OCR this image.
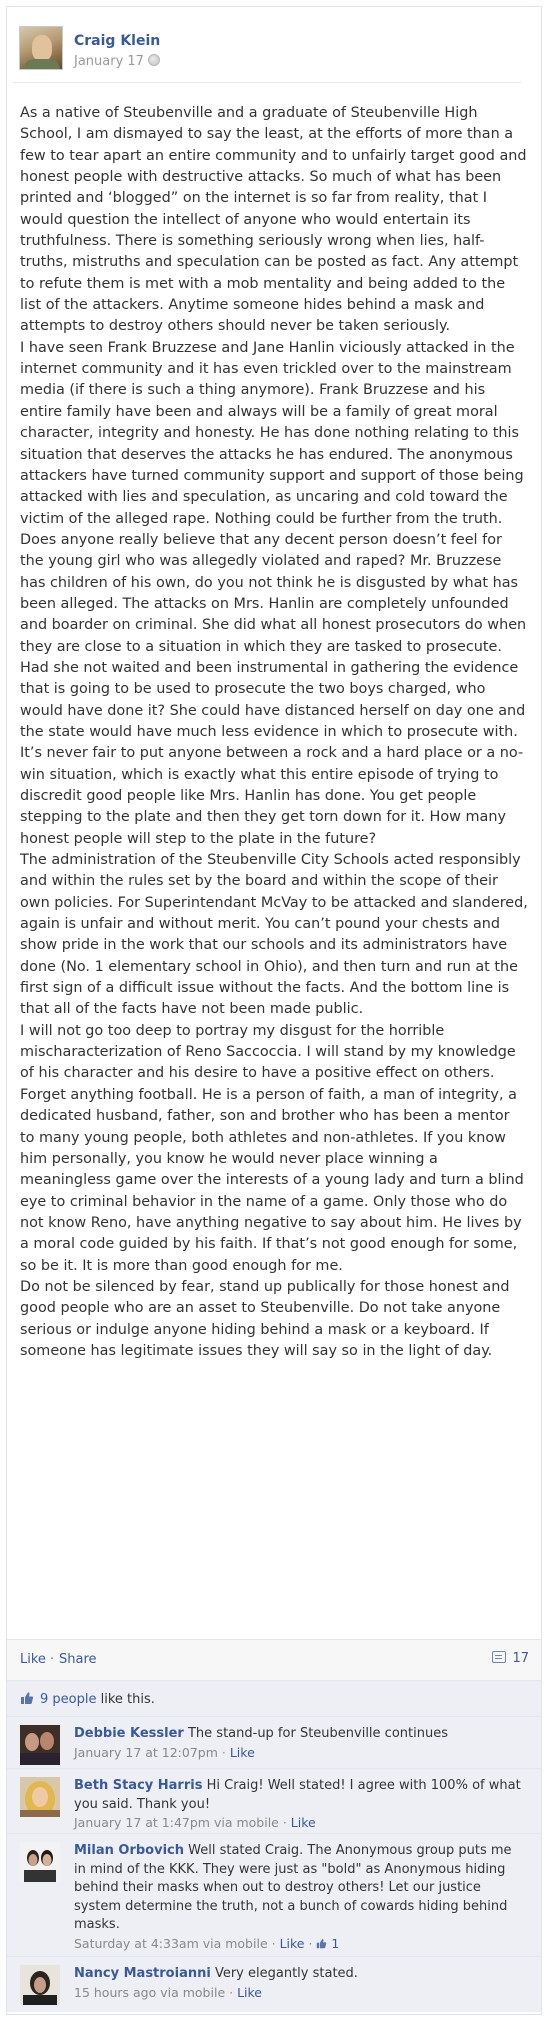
Craig Klein
January 17
As a native of Steubenville and a graduate of Steubenville High School, I am dismayed to say the least, at the efforts of more than a few to tear apart an entire community and to unfairly target good and honest people with destructive attacks. So much of what has been printed and ‘blogged” on the internet is so far from reality, that I would question the intellect of anyone who would entertain its truthfulness. There is something seriously wrong when lies, half-truths, mistruths and speculation can be posted as fact. Any attempt to refute them is met with a mob mentality and being added to the list of the attackers. Anytime someone hides behind a mask and attempts to destroy others should never be taken seriously.
I have seen Frank Bruzzese and Jane Hanlin viciously attacked in the internet community and it has even trickled over to the mainstream media (if there is such a thing anymore). Frank Bruzzese and his entire family have been and always will be a family of great moral character, integrity and honesty. He has done nothing relating to this situation that deserves the attacks he has endured. The anonymous attackers have turned community support and support of those being attacked with lies and speculation, as uncaring and cold toward the victim of the alleged rape. Nothing could be further from the truth. Does anyone really believe that any decent person doesn’t feel for the young girl who was allegedly violated and raped? Mr. Bruzzese has children of his own, do you not think he is disgusted by what has been alleged. The attacks on Mrs. Hanlin are completely unfounded and boarder on criminal. She did what all honest prosecutors do when they are close to a situation in which they are tasked to prosecute. Had she not waited and been instrumental in gathering the evidence that is going to be used to prosecute the two boys charged, who would have done it? She could have distanced herself on day one and the state would have much less evidence in which to prosecute with. It’s never fair to put anyone between a rock and a hard place or a no-win situation, which is exactly what this entire episode of trying to discredit good people like Mrs. Hanlin has done. You get people stepping to the plate and then they get torn down for it. How many honest people will step to the plate in the future?
The administration of the Steubenville City Schools acted responsibly and within the rules set by the board and within the scope of their own policies. For Superintendant McVay to be attacked and slandered, again is unfair and without merit. You can’t pound your chests and show pride in the work that our schools and its administrators have done (No. 1 elementary school in Ohio), and then turn and run at the first sign of a difficult issue without the facts. And the bottom line is that all of the facts have not been made public.
I will not go too deep to portray my disgust for the horrible mischaracterization of Reno Saccoccia. I will stand by my knowledge of his character and his desire to have a positive effect on others. Forget anything football. He is a person of faith, a man of integrity, a dedicated husband, father, son and brother who has been a mentor to many young people, both athletes and non-athletes. If you know him personally, you know he would never place winning a meaningless game over the interests of a young lady and turn a blind eye to criminal behavior in the name of a game. Only those who do not know Reno, have anything negative to say about him. He lives by a moral code guided by his faith. If that’s not good enough for some, so be it. It is more than good enough for me.
Do not be silenced by fear, stand up publically for those honest and good people who are an asset to Steubenville. Do not take anyone serious or indulge anyone hiding behind a mask or a keyboard. If someone has legitimate issues they will say so in the light of day.
Like · Share	17
9 people like this.
Debbie Kessler The stand-up for Steubenville continues
January 17 at 12:07pm · Like
Beth Stacy Harris Hi Craig! Well stated! I agree with 100% of what you said. Thank you!
January 17 at 1:47pm via mobile · Like
Milan Orbovich Well stated Craig. The Anonymous group puts me in mind of the KKK. They were just as "bold" as Anonymous hiding behind their masks when out to destroy others! Let our justice system determine the truth, not a bunch of cowards hiding behind masks.
Saturday at 4:33am via mobile · Like ·  1
Nancy Mastroianni Very elegantly stated.
15 hours ago via mobile · Like
